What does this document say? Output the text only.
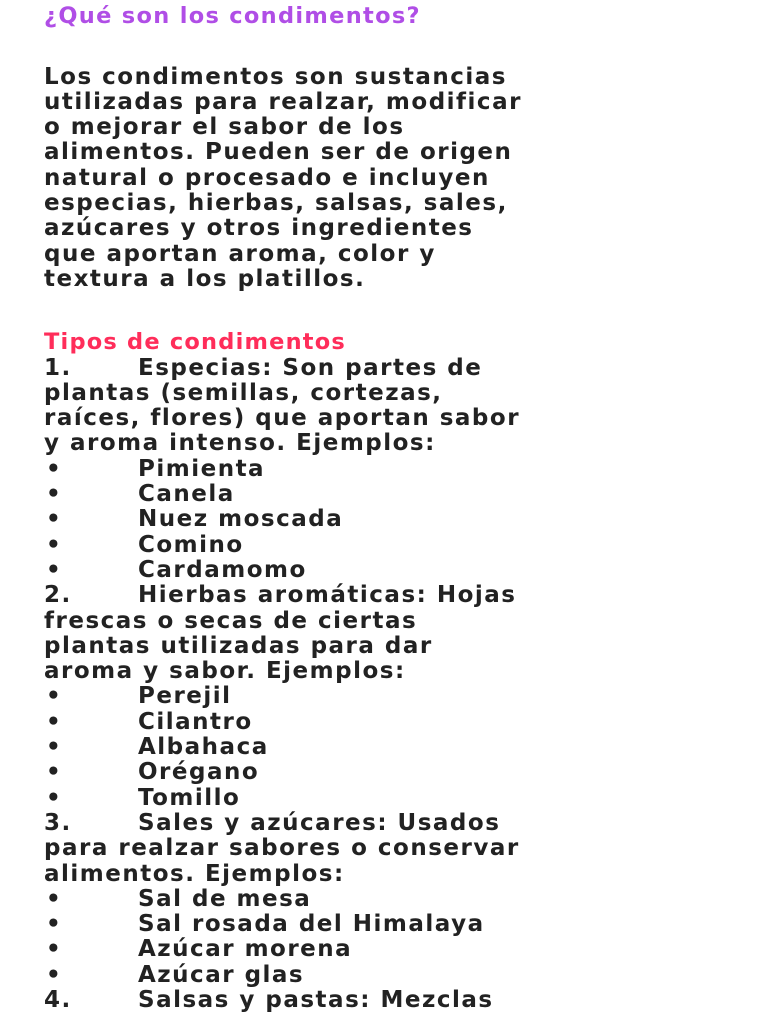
¿Qué son los condimentos?
Los condimentos son sustancias
utilizadas para realzar, modificar
o mejorar el sabor de los
alimentos. Pueden ser de origen
natural o procesado e incluyen
especias, hierbas, salsas, sales,
azúcares y otros ingredientes
que aportan aroma, color y
textura a los platillos.
Tipos de condimentos
1.	Especias: Son partes de
plantas (semillas, cortezas,
raíces, flores) que aportan sabor
y aroma intenso. Ejemplos:
•	Pimienta
•	Canela
•	Nuez moscada
•	Comino
•	Cardamomo
2.	Hierbas aromáticas: Hojas
frescas o secas de ciertas
plantas utilizadas para dar
aroma y sabor. Ejemplos:
•	Perejil
•	Cilantro
•	Albahaca
•	Orégano
•	Tomillo
3.	Sales y azúcares: Usados
para realzar sabores o conservar
alimentos. Ejemplos:
•	Sal de mesa
•	Sal rosada del Himalaya
•	Azúcar morena
•	Azúcar glas
4.	Salsas y pastas: Mezclas
